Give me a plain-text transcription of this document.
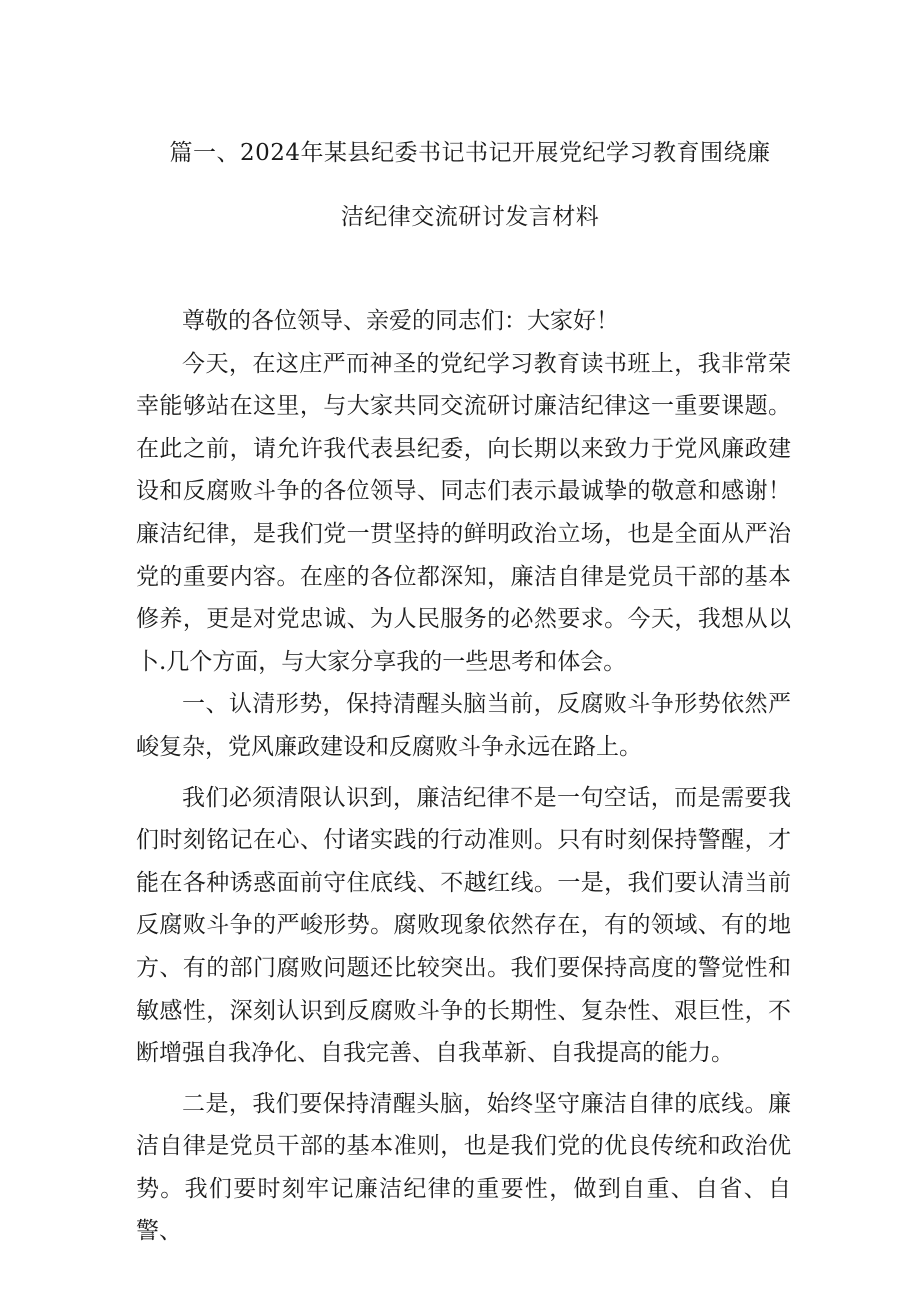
篇一、2024年某县纪委书记书记开展党纪学习教育围绕廉
洁纪律交流研讨发言材料

尊敬的各位领导、亲爱的同志们：大家好！

今天，在这庄严而神圣的党纪学习教育读书班上，我非常荣幸能够站在这里，与大家共同交流研讨廉洁纪律这一重要课题。在此之前，请允许我代表县纪委，向长期以来致力于党风廉政建设和反腐败斗争的各位领导、同志们表示最诚挚的敬意和感谢！廉洁纪律，是我们党一贯坚持的鲜明政治立场，也是全面从严治党的重要内容。在座的各位都深知，廉洁自律是党员干部的基本修养，更是对党忠诚、为人民服务的必然要求。今天，我想从以卜.几个方面，与大家分享我的一些思考和体会。

一、认清形势，保持清醒头脑当前，反腐败斗争形势依然严峻复杂，党风廉政建设和反腐败斗争永远在路上。

我们必须清限认识到，廉洁纪律不是一句空话，而是需要我们时刻铭记在心、付诸实践的行动准则。只有时刻保持警醒，才能在各种诱惑面前守住底线、不越红线。一是，我们要认清当前反腐败斗争的严峻形势。腐败现象依然存在，有的领域、有的地方、有的部门腐败问题还比较突出。我们要保持高度的警觉性和敏感性，深刻认识到反腐败斗争的长期性、复杂性、艰巨性，不断增强自我净化、自我完善、自我革新、自我提高的能力。

二是，我们要保持清醒头脑，始终坚守廉洁自律的底线。廉洁自律是党员干部的基本准则，也是我们党的优良传统和政治优势。我们要时刻牢记廉洁纪律的重要性，做到自重、自省、自警、
